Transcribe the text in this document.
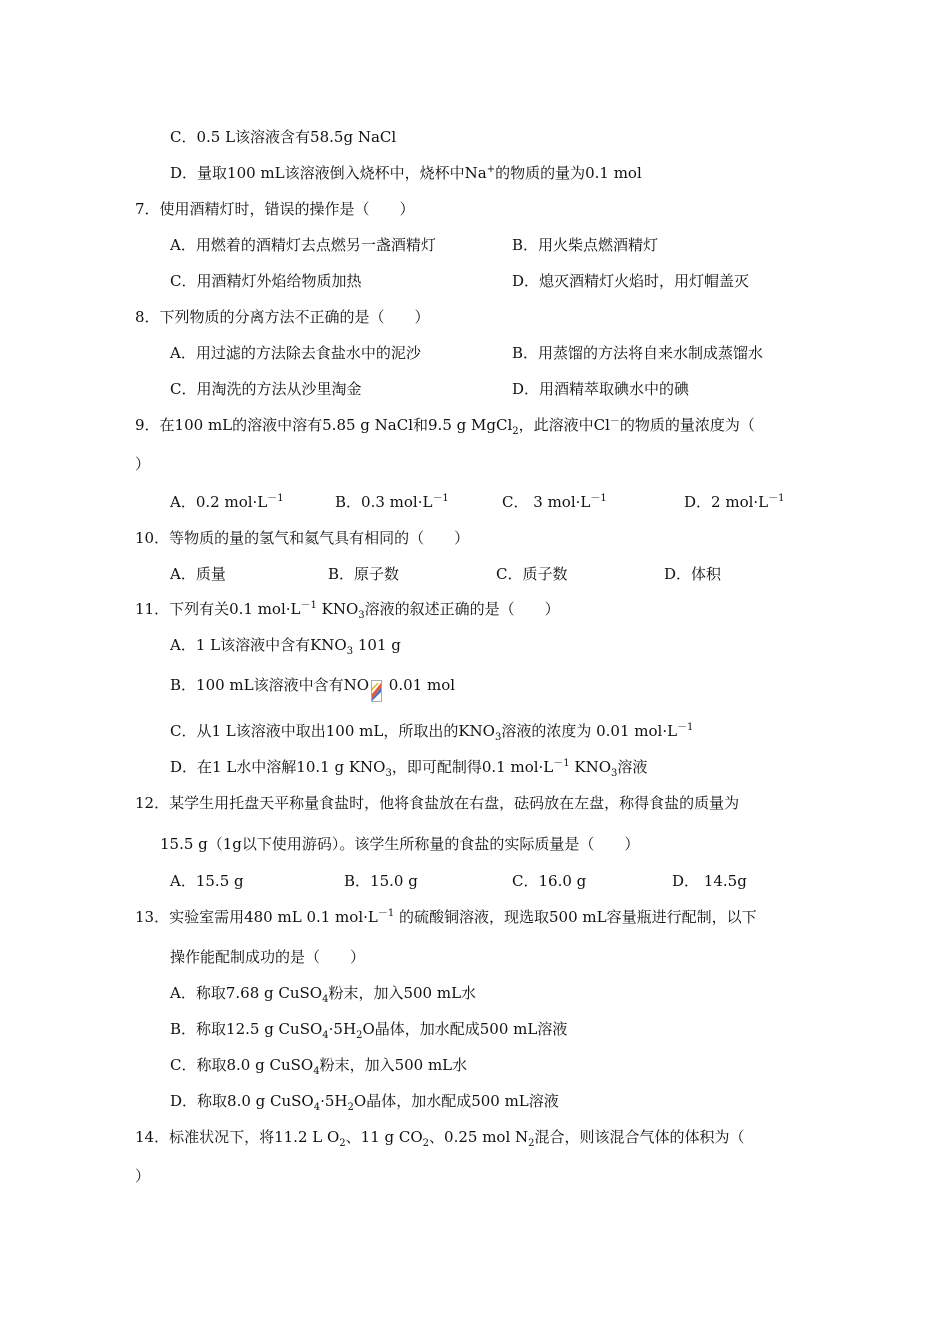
C．0.5 L该溶液含有58.5g NaCl
D．量取100 mL该溶液倒入烧杯中，烧杯中Na+的物质的量为0.1 mol
7．使用酒精灯时，错误的操作是（　　）
A．用燃着的酒精灯去点燃另一盏酒精灯	B．用火柴点燃酒精灯
C．用酒精灯外焰给物质加热	D．熄灭酒精灯火焰时，用灯帽盖灭
8．下列物质的分离方法不正确的是（　　）
A．用过滤的方法除去食盐水中的泥沙	B．用蒸馏的方法将自来水制成蒸馏水
C．用淘洗的方法从沙里淘金	D．用酒精萃取碘水中的碘
9．在100 mL的溶液中溶有5.85 g NaCl和9.5 g MgCl$_2$，此溶液中Cl－的物质的量浓度为（
）
A．0.2 $mol\cdot L^{-1}$	B．0.3 $mol\cdot L^{-1}$	C． 3 $mol\cdot L^{-1}$	D．2 $mol\cdot L^{-1}$
10．等物质的量的氢气和氦气具有相同的（　　）
A．质量	B．原子数	C．质子数	D．体积
11．下列有关0.1 $mol\cdot L^{-1}$ $KNO_3$溶液的叙述正确的是（　　）
A．1 L该溶液中含有$KNO_3$ 101 g
B．100 mL该溶液中含有NO 0.01 mol
C．从1 L该溶液中取出100 mL，所取出的$KNO_3$溶液的浓度为 0.01 $mol\cdot L^{-1}$
D．在1 L水中溶解10.1 g $KNO_3$，即可配制得0.1 $mol\cdot L^{-1}$ $KNO_3$溶液
12．某学生用托盘天平称量食盐时，他将食盐放在右盘，砝码放在左盘，称得食盐的质量为
15.5 g（1g以下使用游码）。该学生所称量的食盐的实际质量是（　　）
A．15.5 g	B．15.0 g	C．16.0 g	D． 14.5g
13．实验室需用480 mL 0.1 $mol\cdot L^{-1}$ 的硫酸铜溶液，现选取500 mL容量瓶进行配制，以下
操作能配制成功的是（　　）
A．称取7.68 g CuSO$_4$粉末，加入500 mL水
B．称取12.5 g $CuSO_4\cdot 5H_2O$晶体，加水配成500 mL溶液
C．称取8.0 g CuSO$_4$粉末，加入500 mL水
D．称取8.0 g $CuSO_4\cdot 5H_2O$晶体，加水配成500 mL溶液
14．标准状况下，将11.2 L $O_2$、11 g $CO_2$、0.25 mol $N_2$混合，则该混合气体的体积为（
）
